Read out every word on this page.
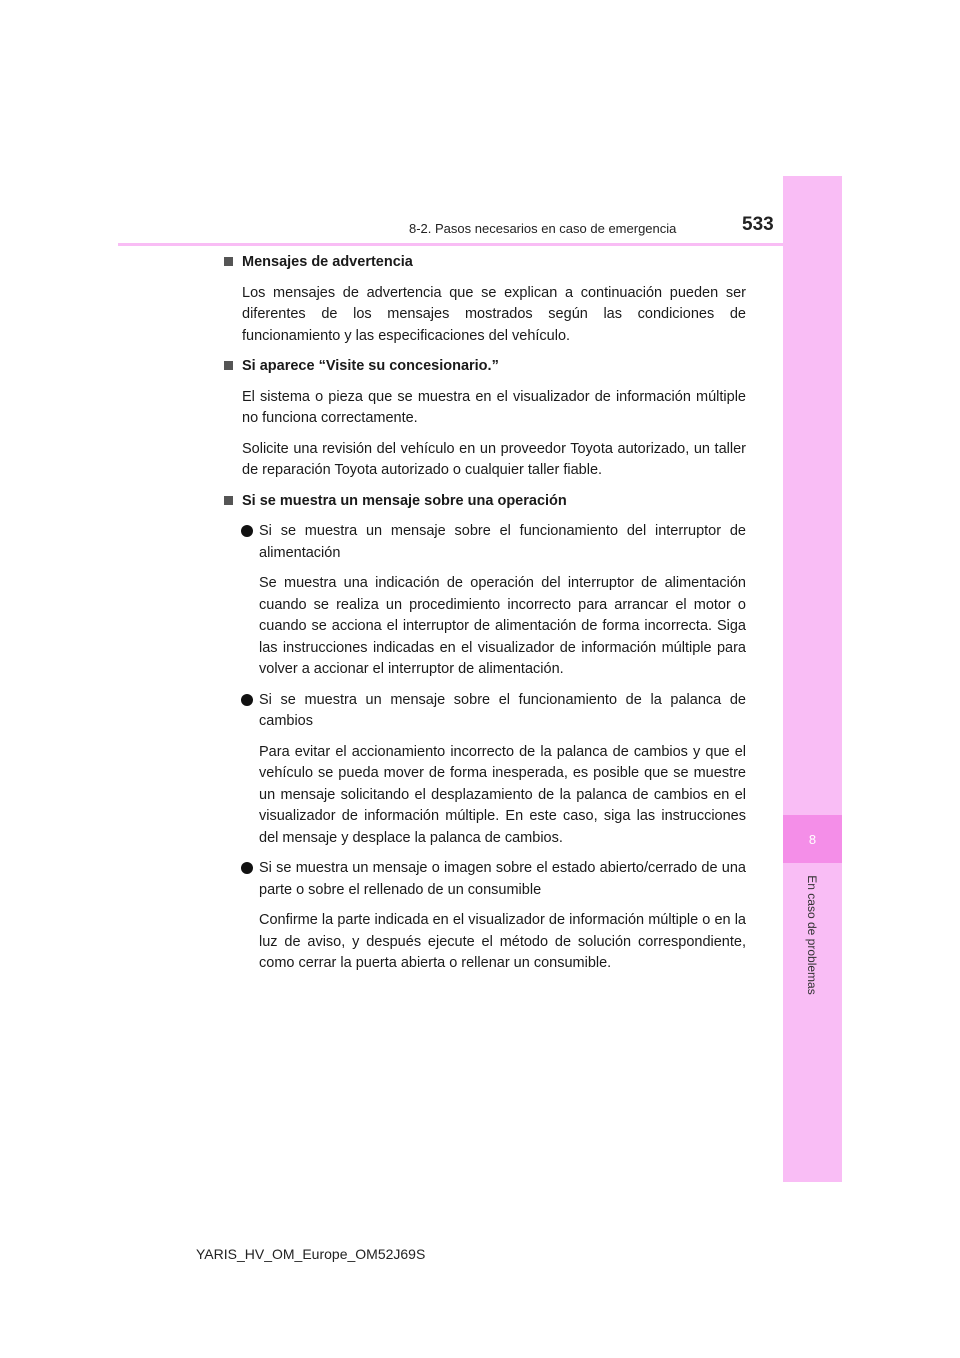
8
En caso de problemas
8-2. Pasos necesarios en caso de emergencia	533
Mensajes de advertencia

Los mensajes de advertencia que se explican a continuación pueden ser diferentes de los mensajes mostrados según las condiciones de funcionamiento y las especificaciones del vehículo.

Si aparece “Visite su concesionario.”

El sistema o pieza que se muestra en el visualizador de información múltiple no funciona correctamente.

Solicite una revisión del vehículo en un proveedor Toyota autorizado, un taller de reparación Toyota autorizado o cualquier taller fiable.

Si se muestra un mensaje sobre una operación
Si se muestra un mensaje sobre el funcionamiento del interruptor de alimentación

Se muestra una indicación de operación del interruptor de alimentación cuando se realiza un procedimiento incorrecto para arrancar el motor o cuando se acciona el interruptor de alimentación de forma incorrecta. Siga las instrucciones indicadas en el visualizador de información múltiple para volver a accionar el interruptor de alimentación.

Si se muestra un mensaje sobre el funcionamiento de la palanca de cambios

Para evitar el accionamiento incorrecto de la palanca de cambios y que el vehículo se pueda mover de forma inesperada, es posible que se muestre un mensaje solicitando el desplazamiento de la palanca de cambios en el visualizador de información múltiple. En este caso, siga las instrucciones del mensaje y desplace la palanca de cambios.

Si se muestra un mensaje o imagen sobre el estado abierto/cerrado de una parte o sobre el rellenado de un consumible

Confirme la parte indicada en el visualizador de información múltiple o en la luz de aviso, y después ejecute el método de solución correspondiente, como cerrar la puerta abierta o rellenar un consumible.

YARIS_HV_OM_Europe_OM52J69S
